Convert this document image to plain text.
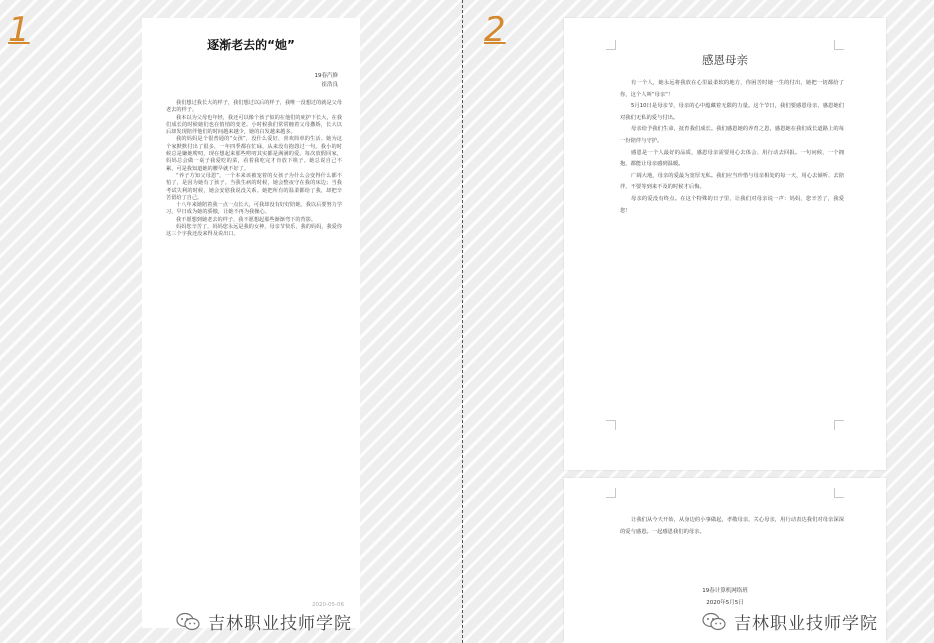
1	2
逐渐老去的“她”
19春汽修
崔浩良

我们想过我长大的样子，我们想过以后的样子，我唯一没想过的就是父母老去的样子。

我本以为父母也年轻，我还可以像个孩子似的在他们的庇护下长大，在我们成长的时候她们也在悄悄的变老。小时候我们常常缠着父母撒娇，长大以后却发现陪伴他们的时间越来越少，她的白发越来越多。

我的妈妈是个很普通的“女孩”，没什么爱好，喜欢简单的生活。她为这个家默默付出了很多，一年四季都在忙碌，从来没有抱怨过一句。我小的时候总是嫌她唠叨，现在想起来那些唠叨其实都是满满的爱。每次放假回家，妈妈总会做一桌子我爱吃的菜，看着我吃完才肯放下筷子。她总说自己不累，可是我知道她的腰早就不好了。

“养子方知父母恩”，一个本来该被宠着的女孩子为什么会变得什么都不怕了，是因为她有了孩子。当我生病的时候，她会整夜守在我的床边；当我考试失利的时候，她会安慰我说没关系。她把所有的温柔都给了我，却把辛苦留给了自己。

十八年来她陪着我一点一点长大，可我却没有好好陪她。我以后要努力学习，早日成为她的骄傲，让她不再为我操心。

我不愿想到她老去的样子，我不愿想起那些渐渐弯下的背影。

妈妈您辛苦了，妈妈您永远是我的女神，母亲节快乐，我的妈妈，我爱你这三个字我还没来得及说出口。

2020-05-06
感恩母亲

有一个人，她永远将我放在心里最柔软的地方，你困苦时她一生的付出，她把一切都给了你，这个人叫“母亲”！

5月10日是母亲节，母亲的心中蕴藏着无限的力量。这个节日，我们要感恩母亲，感恩她们对我们无私的爱与付出。

母亲给予我们生命，抚育我们成长。我们感恩她的养育之恩，感恩她在我们成长道路上的每一份陪伴与守护。

感恩是一个人最好的品质，感恩母亲需要用心去体会、用行动去回报。一句问候、一个拥抱，都能让母亲感到温暖。

广阔大地，母亲的爱最为宽厚无私。我们应当珍惜与母亲相处的每一天，用心去倾听、去陪伴，不要等到来不及的时候才后悔。

母亲的爱没有终点。在这个特殊的日子里，让我们对母亲说一声：妈妈，您辛苦了，我爱您！

让我们从今天开始，从身边的小事做起，孝敬母亲，关心母亲，用行动表达我们对母亲深深的爱与感恩。一起感恩我们的母亲。

19春计算机网络班
2020年5月5日
吉林职业技师学院	吉林职业技师学院
